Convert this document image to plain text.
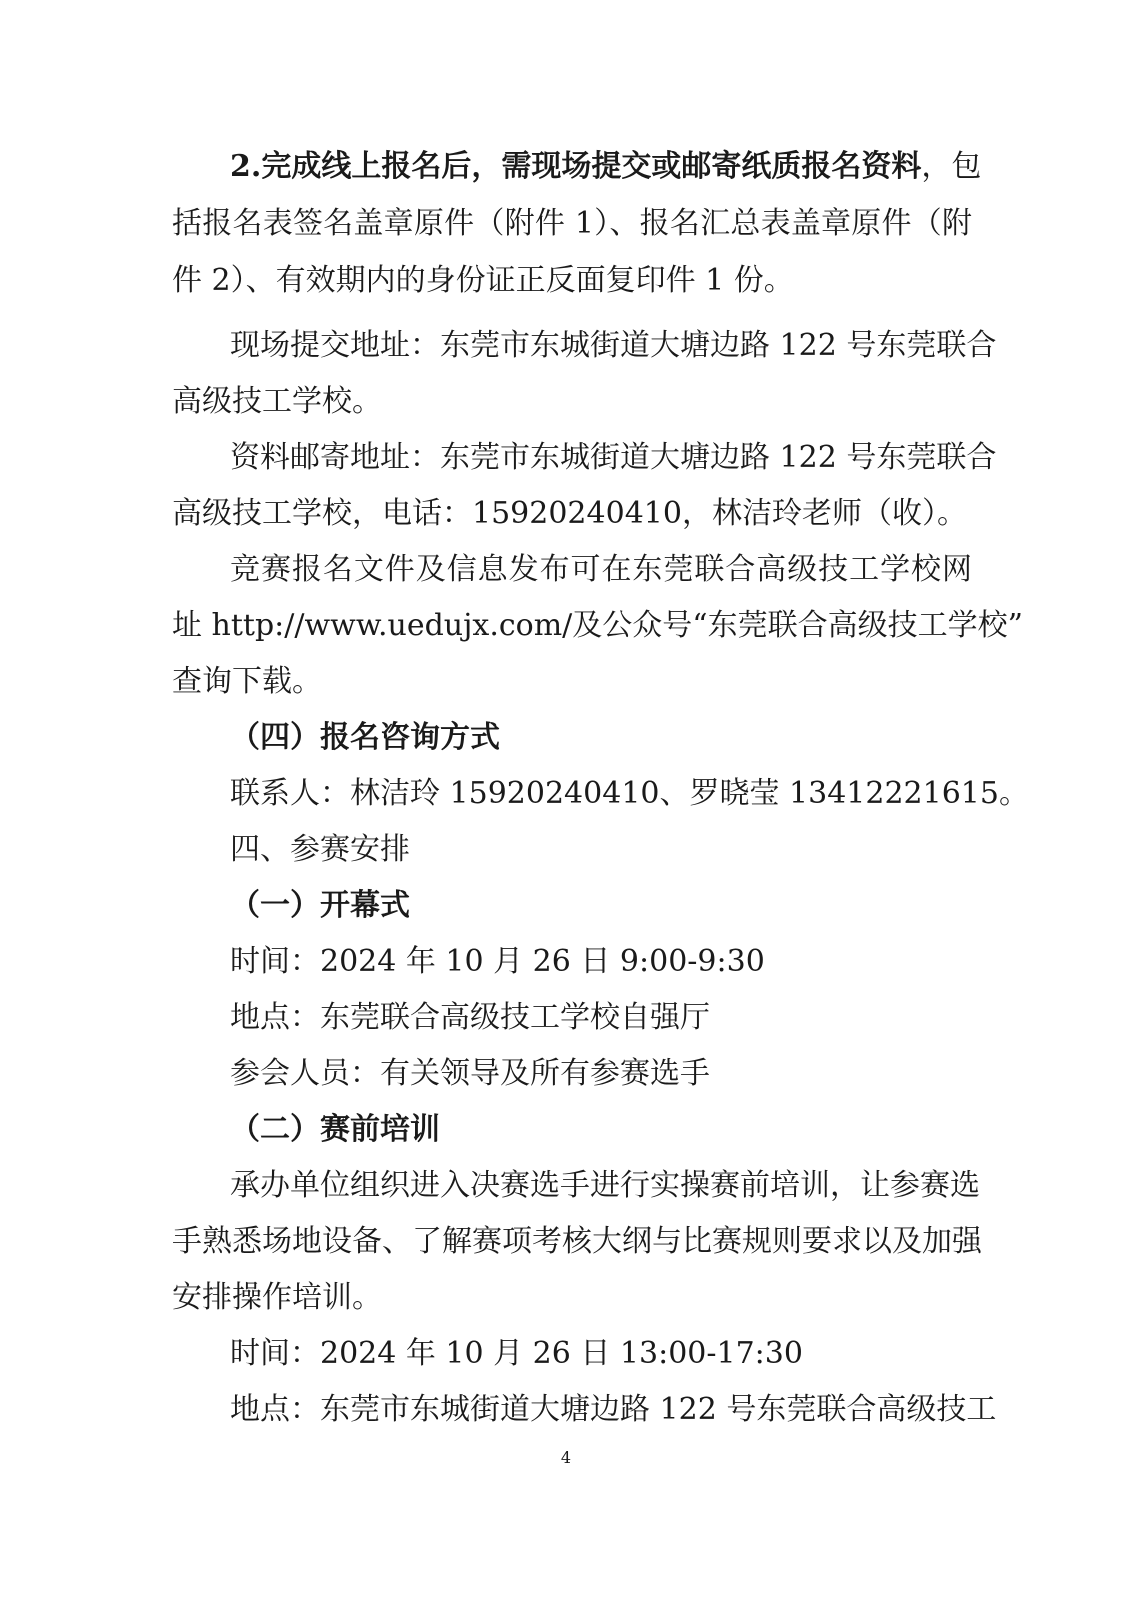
2.完成线上报名后，需现场提交或邮寄纸质报名资料，包
括报名表签名盖章原件（附件 1）、报名汇总表盖章原件（附
件 2）、有效期内的身份证正反面复印件 1 份。
现场提交地址：东莞市东城街道大塘边路 122 号东莞联合
高级技工学校。
资料邮寄地址：东莞市东城街道大塘边路 122 号东莞联合
高级技工学校，电话：15920240410，林洁玲老师（收）。
竞赛报名文件及信息发布可在东莞联合高级技工学校网
址 http://www.uedujx.com/及公众号“东莞联合高级技工学校”
查询下载。
（四）报名咨询方式
联系人：林洁玲 15920240410、罗晓莹 13412221615。
四、参赛安排
（一）开幕式
时间：2024 年 10 月 26 日 9:00-9:30
地点：东莞联合高级技工学校自强厅
参会人员：有关领导及所有参赛选手
（二）赛前培训
承办单位组织进入决赛选手进行实操赛前培训，让参赛选
手熟悉场地设备、了解赛项考核大纲与比赛规则要求以及加强
安排操作培训。
时间：2024 年 10 月 26 日 13:00-17:30
地点：东莞市东城街道大塘边路 122 号东莞联合高级技工
4
